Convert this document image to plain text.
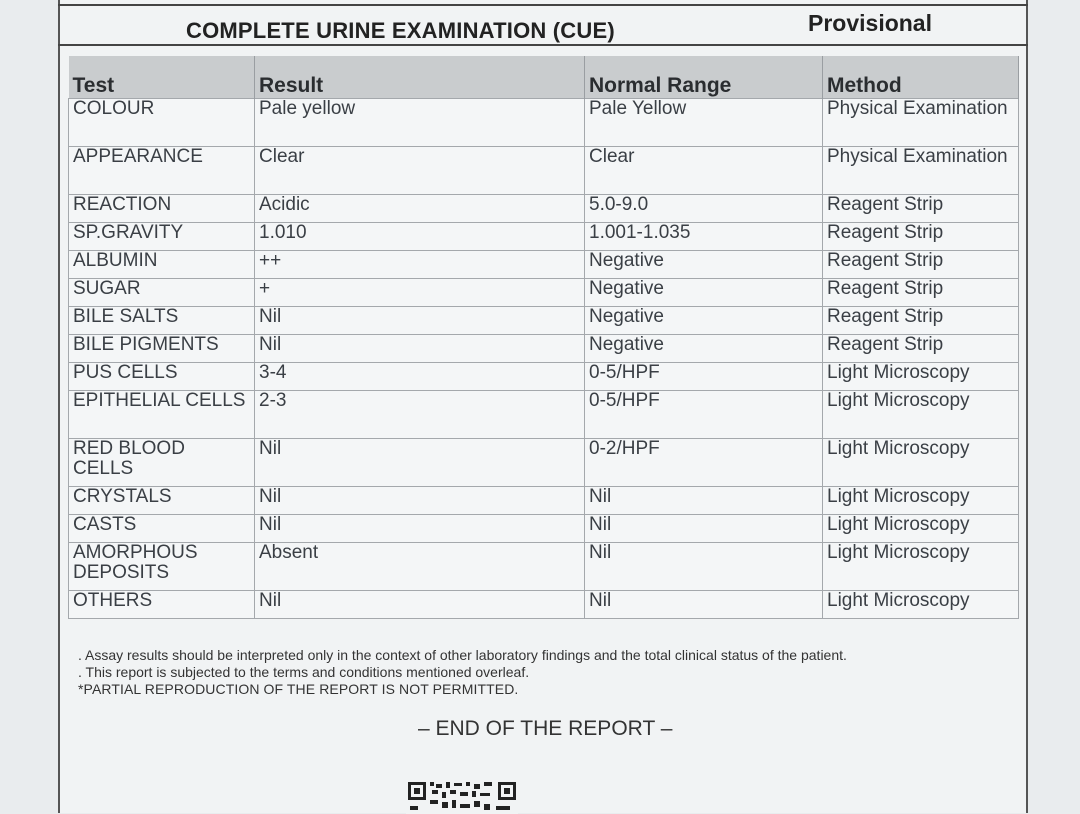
COMPLETE URINE EXAMINATION (CUE)	Provisional
Test	Result	Normal Range	Method
COLOUR	Pale yellow	Pale Yellow	Physical Examination
APPEARANCE	Clear	Clear	Physical Examination
REACTION	Acidic	5.0-9.0	Reagent Strip
SP.GRAVITY	1.010	1.001-1.035	Reagent Strip
ALBUMIN	++	Negative	Reagent Strip
SUGAR	+	Negative	Reagent Strip
BILE SALTS	Nil	Negative	Reagent Strip
BILE PIGMENTS	Nil	Negative	Reagent Strip
PUS CELLS	3-4	0-5/HPF	Light Microscopy
EPITHELIAL CELLS	2-3	0-5/HPF	Light Microscopy
RED BLOOD CELLS	Nil	0-2/HPF	Light Microscopy
CRYSTALS	Nil	Nil	Light Microscopy
CASTS	Nil	Nil	Light Microscopy
AMORPHOUS DEPOSITS	Absent	Nil	Light Microscopy
OTHERS	Nil	Nil	Light Microscopy
. Assay results should be interpreted only in the context of other laboratory findings and the total clinical status of the patient.
. This report is subjected to the terms and conditions mentioned overleaf.
*PARTIAL REPRODUCTION OF THE REPORT IS NOT PERMITTED.
– END OF THE REPORT –
